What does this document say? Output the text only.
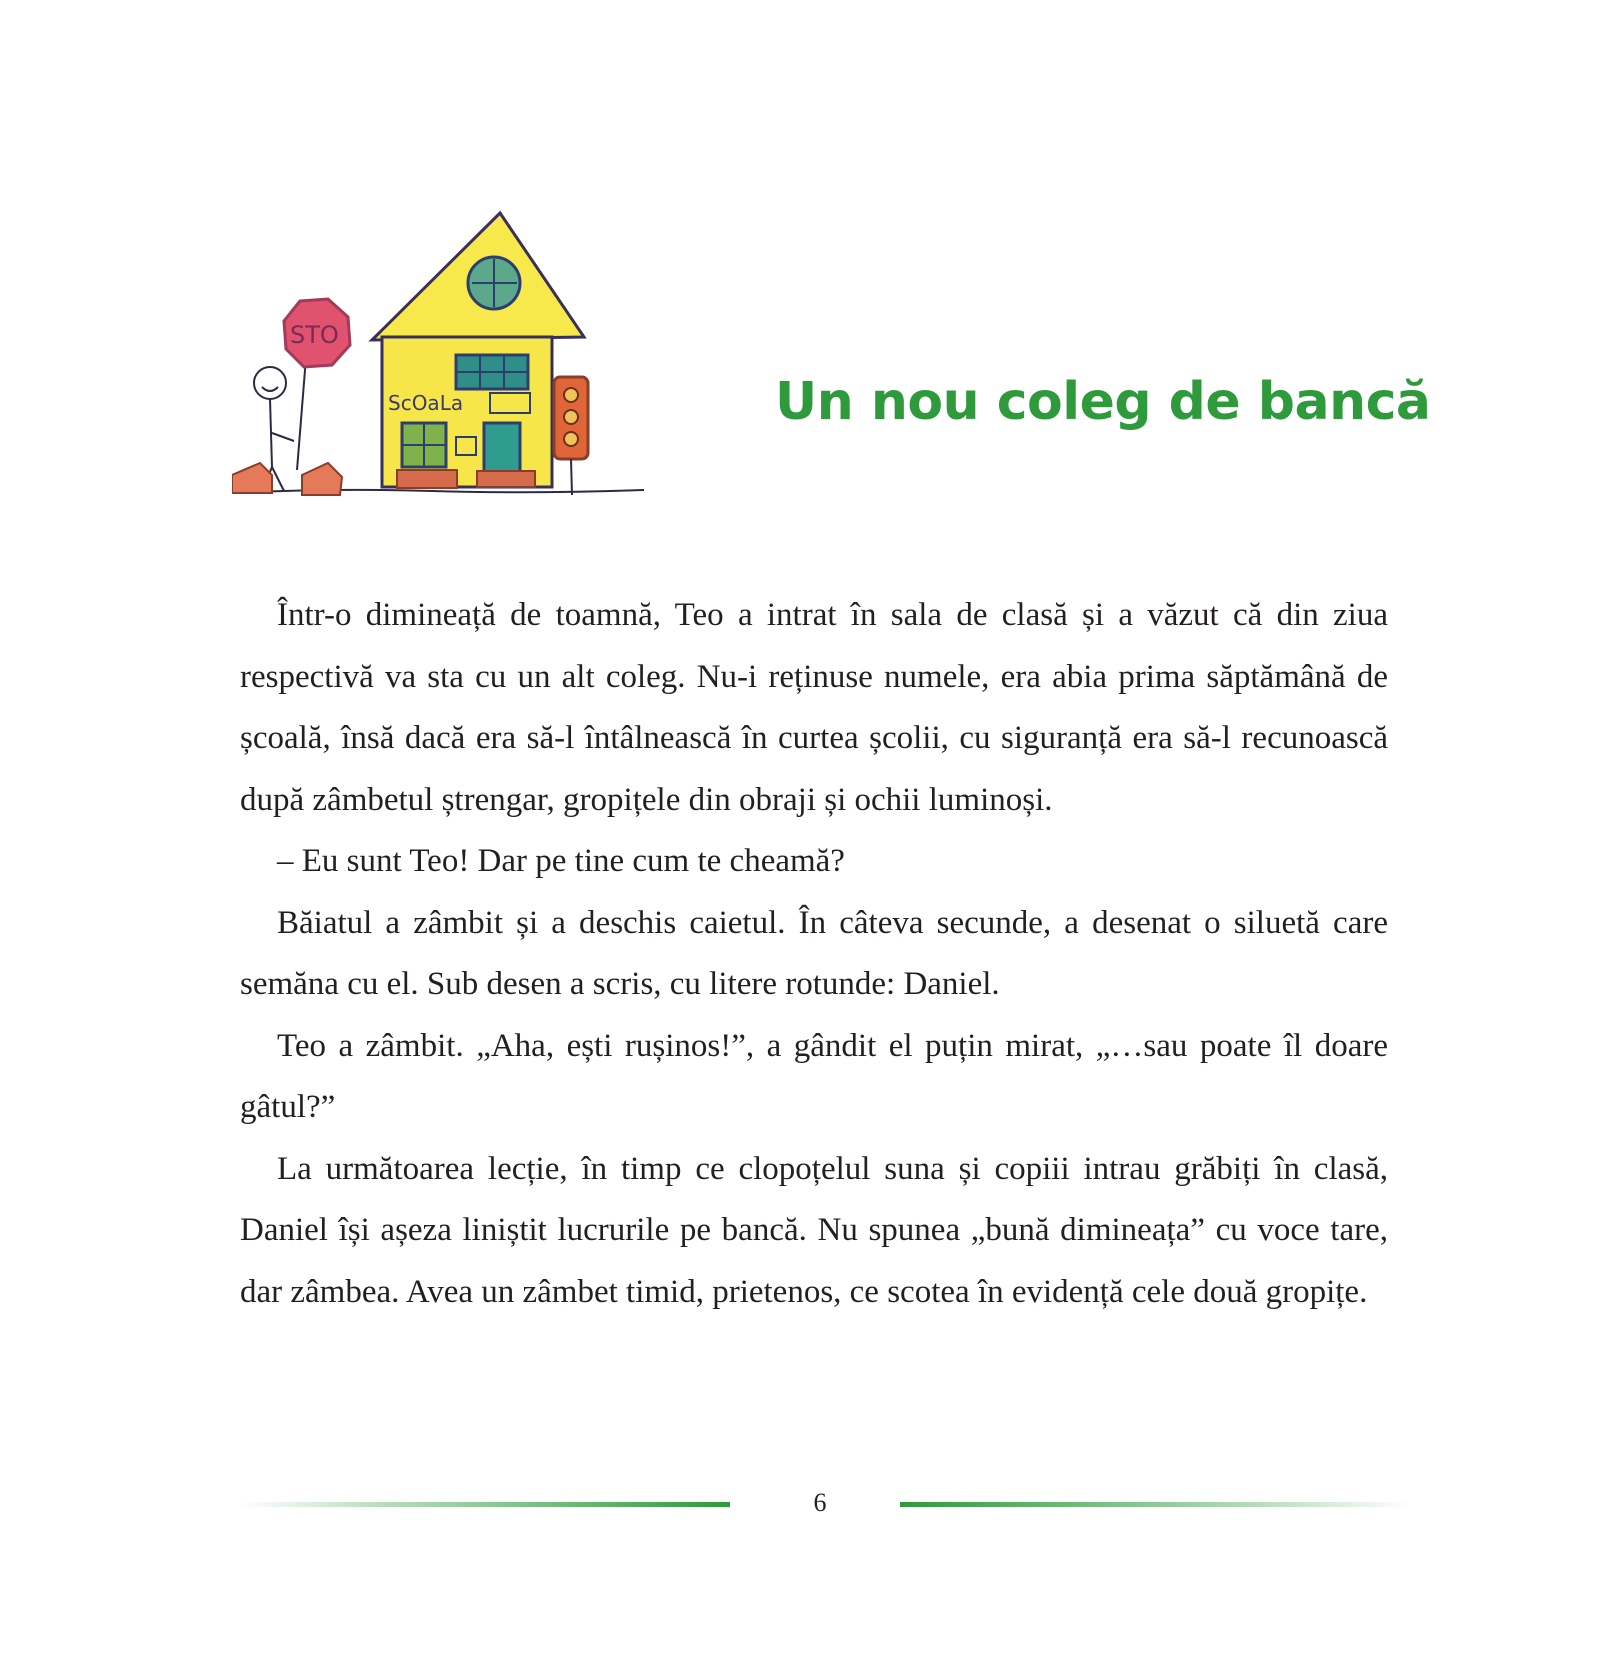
ScOaLa
STO
Un nou coleg de bancă

Într-o dimineață de toamnă, Teo a intrat în sala de clasă și a văzut că din ziua respectivă va sta cu un alt coleg. Nu-i reținuse numele, era abia prima săptămână de școală, însă dacă era să-l întâlnească în curtea școlii, cu siguranță era să-l recunoască după zâmbetul ștrengar, gropițele din obraji și ochii luminoși.

– Eu sunt Teo! Dar pe tine cum te cheamă?

Băiatul a zâmbit și a deschis caietul. În câteva secunde, a desenat o siluetă care semăna cu el. Sub desen a scris, cu litere rotunde: Daniel.

Teo a zâmbit. „Aha, ești rușinos!”, a gândit el puțin mirat, „…sau poate îl doare gâtul?”

La următoarea lecție, în timp ce clopoțelul suna și copiii intrau grăbiți în clasă, Daniel își așeza liniștit lucrurile pe bancă. Nu spunea „bună dimineața” cu voce tare, dar zâmbea. Avea un zâmbet timid, prietenos, ce scotea în evidență cele două gropițe.

6
